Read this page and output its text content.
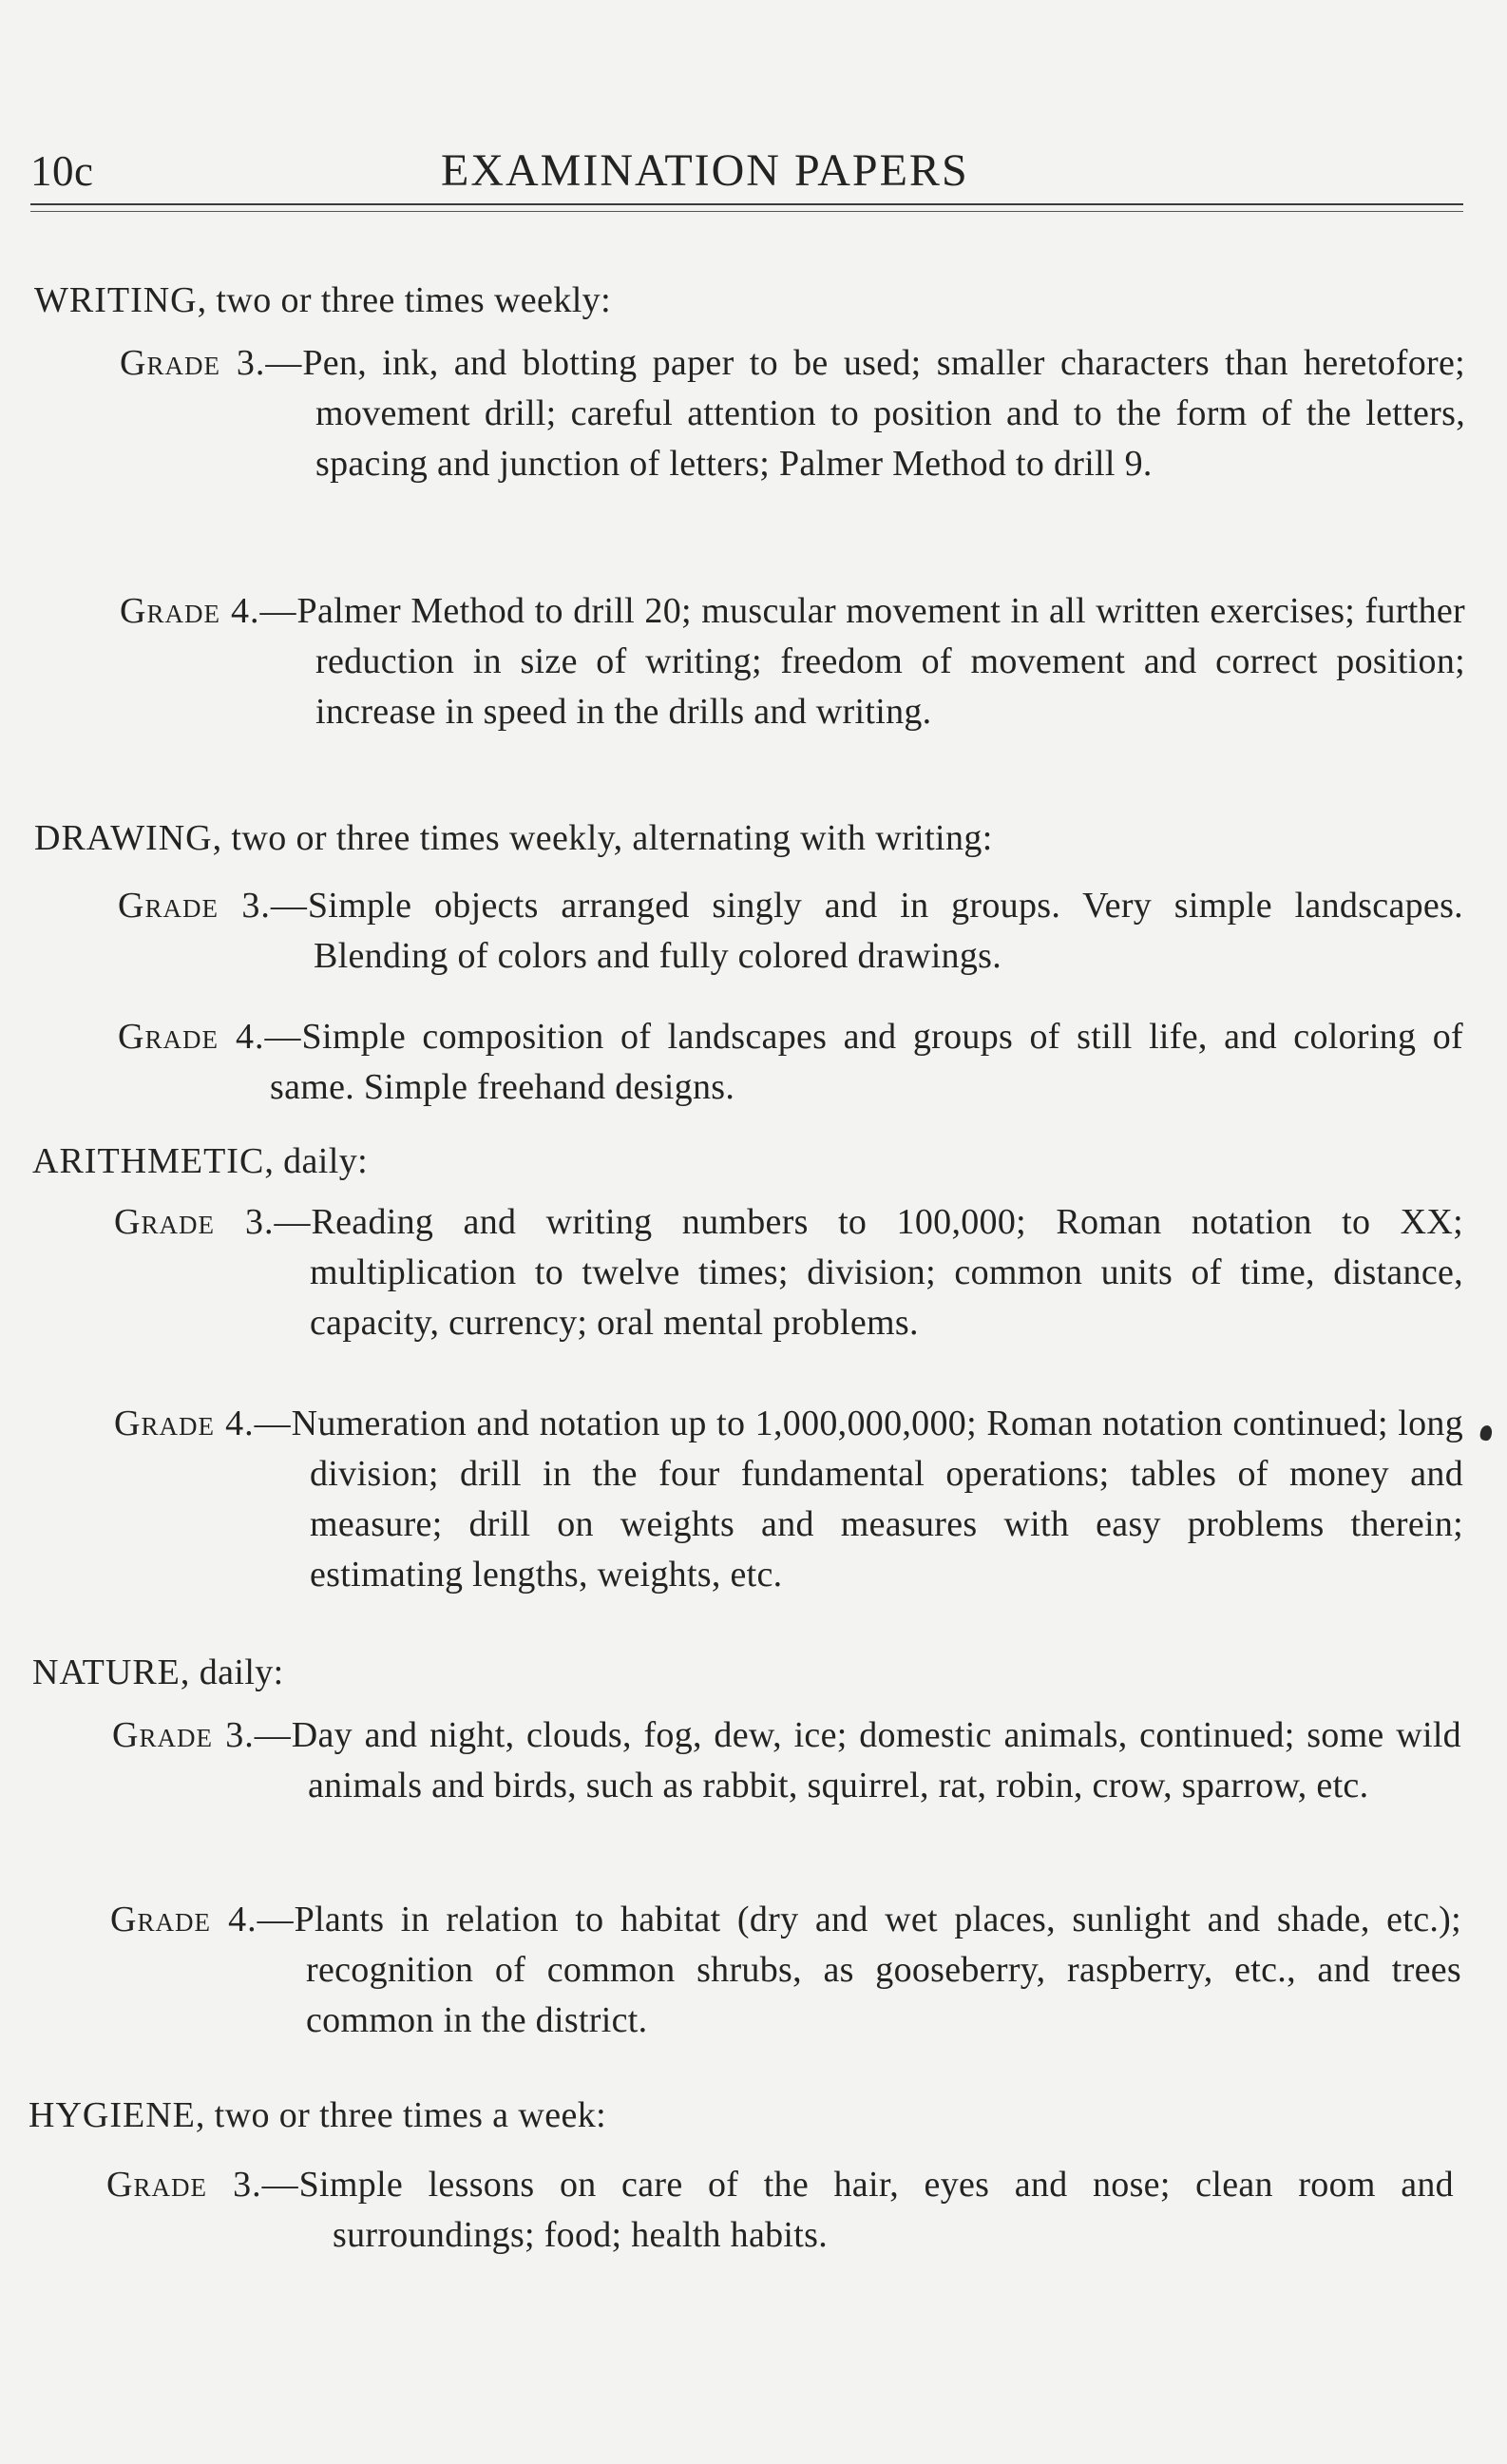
10c	EXAMINATION PAPERS
WRITING, two or three times weekly:
Grade 3.—Pen, ink, and blotting paper to be used; smaller characters than heretofore; movement drill; careful attention to position and to the form of the letters, spacing and junction of letters; Palmer Method to drill 9.
Grade 4.—Palmer Method to drill 20; muscular movement in all written exercises; further reduction in size of writing; freedom of movement and correct position; increase in speed in the drills and writing.
DRAWING, two or three times weekly, alternating with writing:
Grade 3.—Simple objects arranged singly and in groups. Very simple landscapes. Blending of colors and fully colored drawings.
Grade 4.—Simple composition of landscapes and groups of still life, and coloring of same. Simple freehand designs.
ARITHMETIC, daily:
Grade 3.—Reading and writing numbers to 100,000; Roman notation to XX; multiplication to twelve times; division; common units of time, distance, capacity, currency; oral mental problems.
Grade 4.—Numeration and notation up to 1,000,000,000; Roman notation continued; long division; drill in the four fundamental operations; tables of money and measure; drill on weights and measures with easy problems therein; estimating lengths, weights, etc.
NATURE, daily:
Grade 3.—Day and night, clouds, fog, dew, ice; domestic animals, continued; some wild animals and birds, such as rabbit, squirrel, rat, robin, crow, sparrow, etc.
Grade 4.—Plants in relation to habitat (dry and wet places, sunlight and shade, etc.); recognition of common shrubs, as gooseberry, raspberry, etc., and trees common in the district.
HYGIENE, two or three times a week:
Grade 3.—Simple lessons on care of the hair, eyes and nose; clean room and surroundings; food; health habits.
